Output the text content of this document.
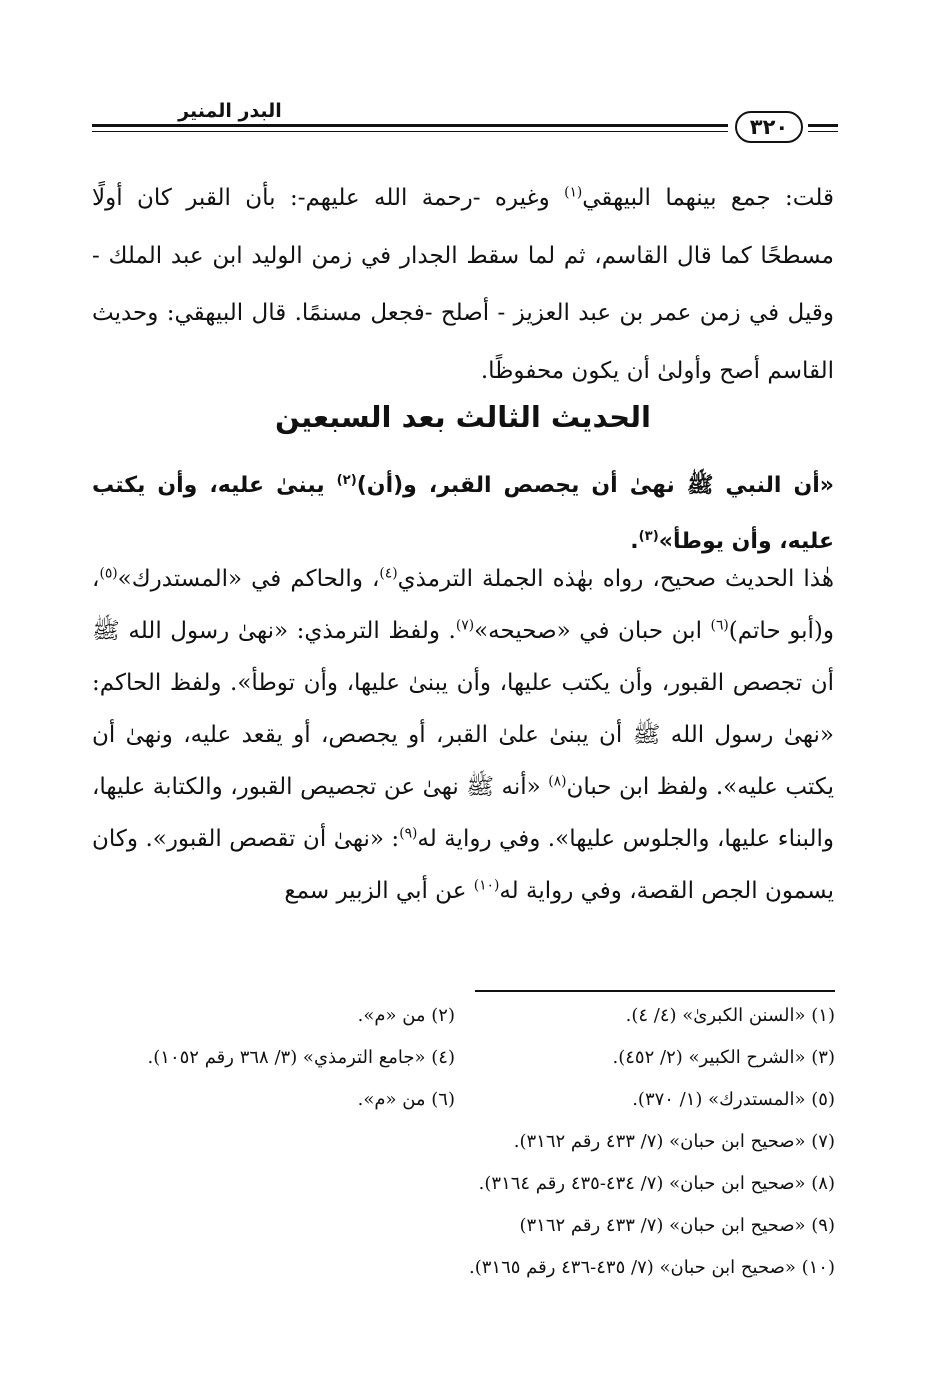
البدر المنير
٣٢٠
قلت: جمع بينهما البيهقي$^{(١)}$ وغيره -رحمة الله عليهم-: بأن القبر كان أولًا مسطحًا كما قال القاسم، ثم لما سقط الجدار في زمن الوليد ابن عبد الملك - وقيل في زمن عمر بن عبد العزيز - أصلح -فجعل مسنمًا. قال البيهقي: وحديث القاسم أصح وأولىٰ أن يكون محفوظًا.
الحديث الثالث بعد السبعين
«أن النبي ﷺ نهىٰ أن يجصص القبر، و(أن)$^{(٢)}$ يبنىٰ عليه، وأن يكتب عليه، وأن يوطأ»$^{(٣)}$.
هٰذا الحديث صحيح، رواه بهٰذه الجملة الترمذي$^{(٤)}$، والحاكم في «المستدرك»$^{(٥)}$، و(أبو حاتم)$^{(٦)}$ ابن حبان في «صحيحه»$^{(٧)}$. ولفظ الترمذي: «نهىٰ رسول الله ﷺ أن تجصص القبور، وأن يكتب عليها، وأن يبنىٰ عليها، وأن توطأ». ولفظ الحاكم: «نهىٰ رسول الله ﷺ أن يبنىٰ علىٰ القبر، أو يجصص، أو يقعد عليه، ونهىٰ أن يكتب عليه». ولفظ ابن حبان$^{(٨)}$ «أنه ﷺ نهىٰ عن تجصيص القبور، والكتابة عليها، والبناء عليها، والجلوس عليها». وفي رواية له$^{(٩)}$: «نهىٰ أن تقصص القبور». وكان يسمون الجص القصة، وفي رواية له$^{(١٠)}$ عن أبي الزبير سمع
(١) «السنن الكبرىٰ» (٤/ ٤).
(٢) من «م».
(٣) «الشرح الكبير» (٢/ ٤٥٢).
(٤) «جامع الترمذي» (٣/ ٣٦٨ رقم ١٠٥٢).
(٥) «المستدرك» (١/ ٣٧٠).
(٦) من «م».
(٧) «صحيح ابن حبان» (٧/ ٤٣٣ رقم ٣١٦٢).
(٨) «صحيح ابن حبان» (٧/ ٤٣٤-٤٣٥ رقم ٣١٦٤).
(٩) «صحيح ابن حبان» (٧/ ٤٣٣ رقم ٣١٦٢)
(١٠) «صحيح ابن حبان» (٧/ ٤٣٥-٤٣٦ رقم ٣١٦٥).
